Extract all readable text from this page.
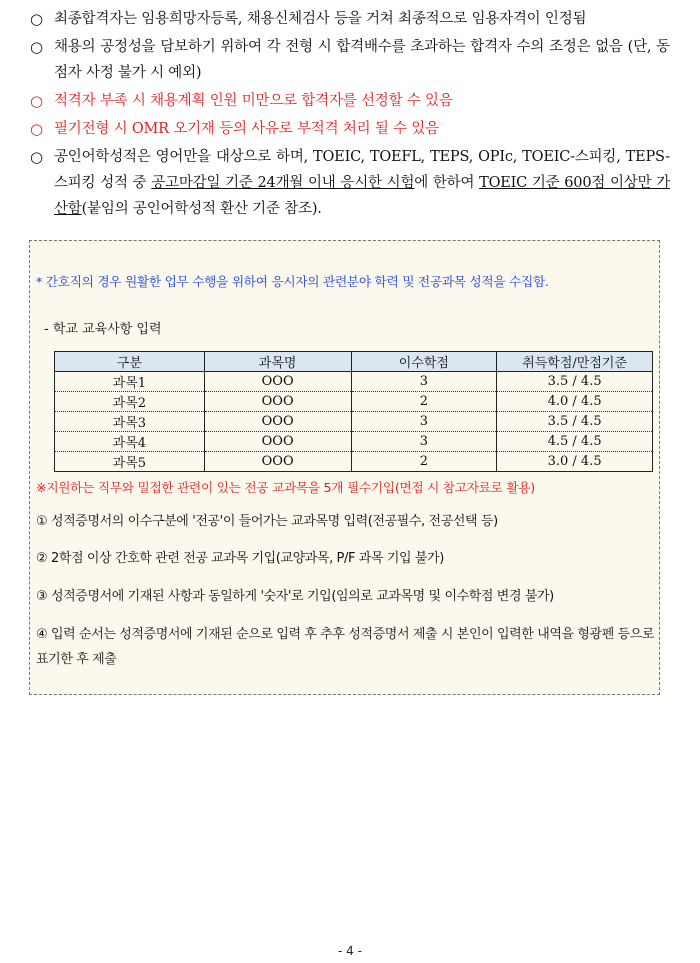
○ 최종합격자는 임용희망자등록, 채용신체검사 등을 거쳐 최종적으로 임용자격이 인정됨
○ 채용의 공정성을 담보하기 위하여 각 전형 시 합격배수를 초과하는 합격자 수의 조정은 없음 (단, 동점자 사정 불가 시 예외)
○ 적격자 부족 시 채용계획 인원 미만으로 합격자를 선정할 수 있음
○ 필기전형 시 OMR 오기재 등의 사유로 부적격 처리 될 수 있음
○ 공인어학성적은 영어만을 대상으로 하며, TOEIC, TOEFL, TEPS, OPIc, TOEIC-스피킹, TEPS-스피킹 성적 중 공고마감일 기준 24개월 이내 응시한 시험에 한하여 TOEIC 기준 600점 이상만 가산함(붙임의 공인어학성적 환산 기준 참조).
* 간호직의 경우 원활한 업무 수행을 위하여 응시자의 관련분야 학력 및 전공과목 성적을 수집함.
- 학교 교육사항 입력
구분	과목명	이수학점	취득학점/만점기준
과목1	OOO	3	3.5 / 4.5
과목2	OOO	2	4.0 / 4.5
과목3	OOO	3	3.5 / 4.5
과목4	OOO	3	4.5 / 4.5
과목5	OOO	2	3.0 / 4.5
※지원하는 직무와 밀접한 관련이 있는 전공 교과목을 5개 필수기입(면접 시 참고자료로 활용)
① 성적증명서의 이수구분에 '전공'이 들어가는 교과목명 입력(전공필수, 전공선택 등)
② 2학점 이상 간호학 관련 전공 교과목 기입(교양과목, P/F 과목 기입 불가)
③ 성적증명서에 기재된 사항과 동일하게 '숫자'로 기입(임의로 교과목명 및 이수학점 변경 불가)
④ 입력 순서는 성적증명서에 기재된 순으로 입력 후 추후 성적증명서 제출 시 본인이 입력한 내역을 형광펜 등으로 표기한 후 제출
- 4 -
